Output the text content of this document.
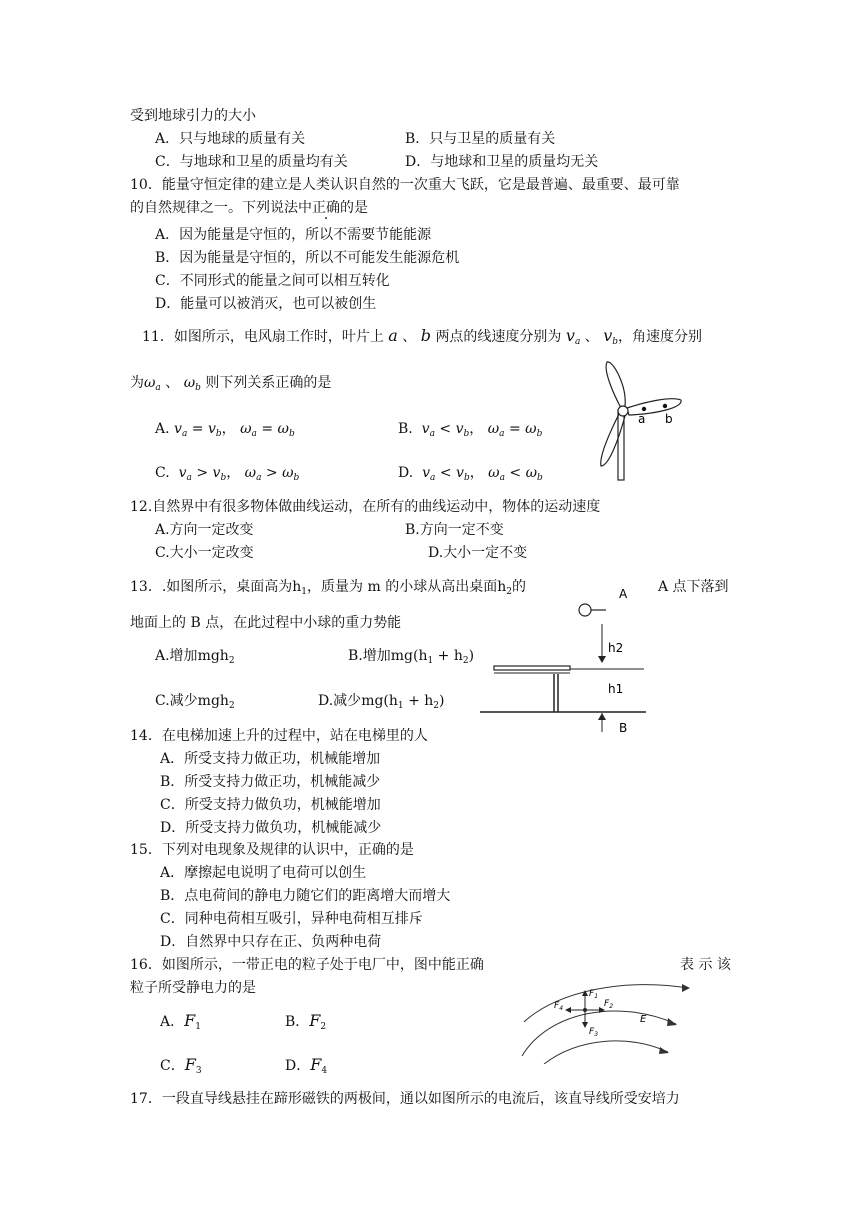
受到地球引力的大小
A．只与地球的质量有关	B．只与卫星的质量有关
C．与地球和卫星的质量均有关	D．与地球和卫星的质量均无关
10．能量守恒定律的建立是人类认识自然的一次重大飞跃，它是最普遍、最重要、最可靠
的自然规律之一。下列说法中正确的是
A．因为能量是守恒的，所以不需要节能能源
B．因为能量是守恒的，所以不可能发生能源危机
C．不同形式的能量之间可以相互转化
D．能量可以被消灭，也可以被创生
11．如图所示，电风扇工作时，叶片上 a 、 b 两点的线速度分别为 $v_a$ 、 $v_b$，角速度分别
为$\omega_a$ 、 $\omega_b$ 则下列关系正确的是
A. $v_a = v_b$， $\omega_a = \omega_b$	B. $v_a < v_b$， $\omega_a = \omega_b$
C. $v_a > v_b$， $\omega_a > \omega_b$	D. $v_a < v_b$， $\omega_a < \omega_b$
a b
12.自然界中有很多物体做曲线运动，在所有的曲线运动中，物体的运动速度
A.方向一定改变	B.方向一定不变
C.大小一定改变	D.大小一定不变
13．.如图所示，桌面高为$h_1$，质量为 m 的小球从高出桌面$h_2$的	A 点下落到
地面上的 B 点，在此过程中小球的重力势能
A.增加mgh$_2$	B.增加$mg(h_1 + h_2)$
C.减少mgh$_2$	D.减少$mg(h_1 + h_2)$
A
h2
h1
B
14．在电梯加速上升的过程中，站在电梯里的人
A．所受支持力做正功，机械能增加
B．所受支持力做正功，机械能减少
C．所受支持力做负功，机械能增加
D．所受支持力做负功，机械能减少
15．下列对电现象及规律的认识中，正确的是
A．摩擦起电说明了电荷可以创生
B．点电荷间的静电力随它们的距离增大而增大
C．同种电荷相互吸引，异种电荷相互排斥
D．自然界中只存在正、负两种电荷
16．如图所示，一带正电的粒子处于电厂中，图中能正确	表 示 该
粒子所受静电力的是
A．$F_1$	B．$F_2$
C．$F_3$	D．$F_4$
$F_1$
$F_2$
$F_3$
$F_4$
E
17．一段直导线悬挂在蹄形磁铁的两极间，通以如图所示的电流后，该直导线所受安培力
